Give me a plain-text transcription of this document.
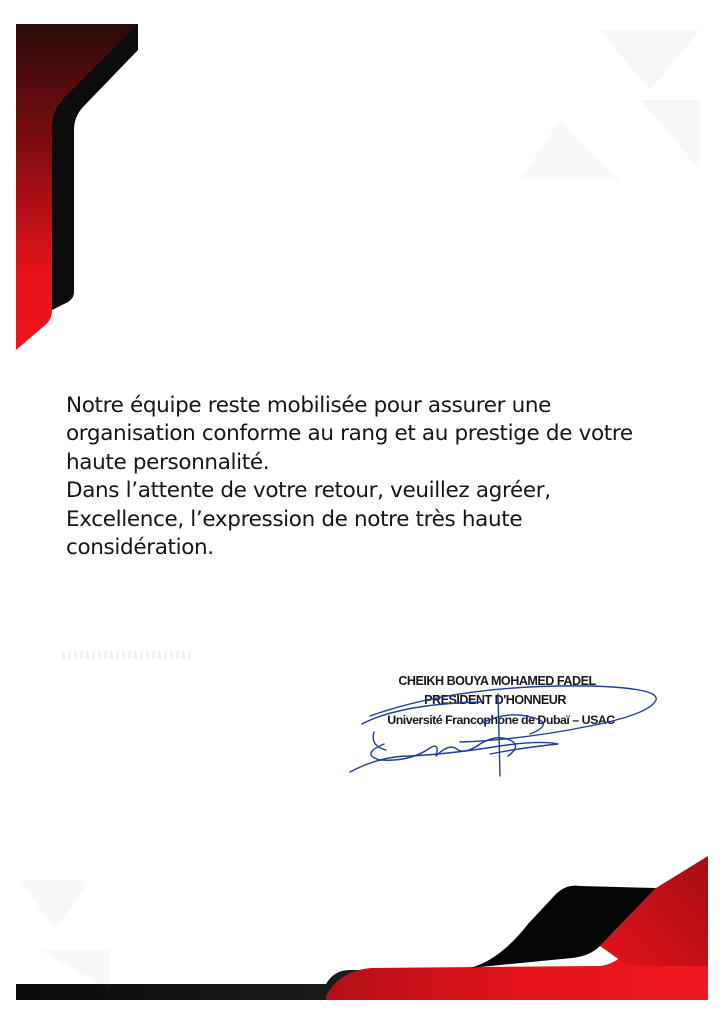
Notre équipe reste mobilisée pour assurer une organisation conforme au rang et au prestige de votre haute personnalité.

Dans l’attente de votre retour, veuillez agréer, Excellence, l’expression de notre très haute considération.

CHEIKH BOUYA MOHAMED FADEL
PRESIDENT D'HONNEUR
Université Francophone de Dubaï – USAC
